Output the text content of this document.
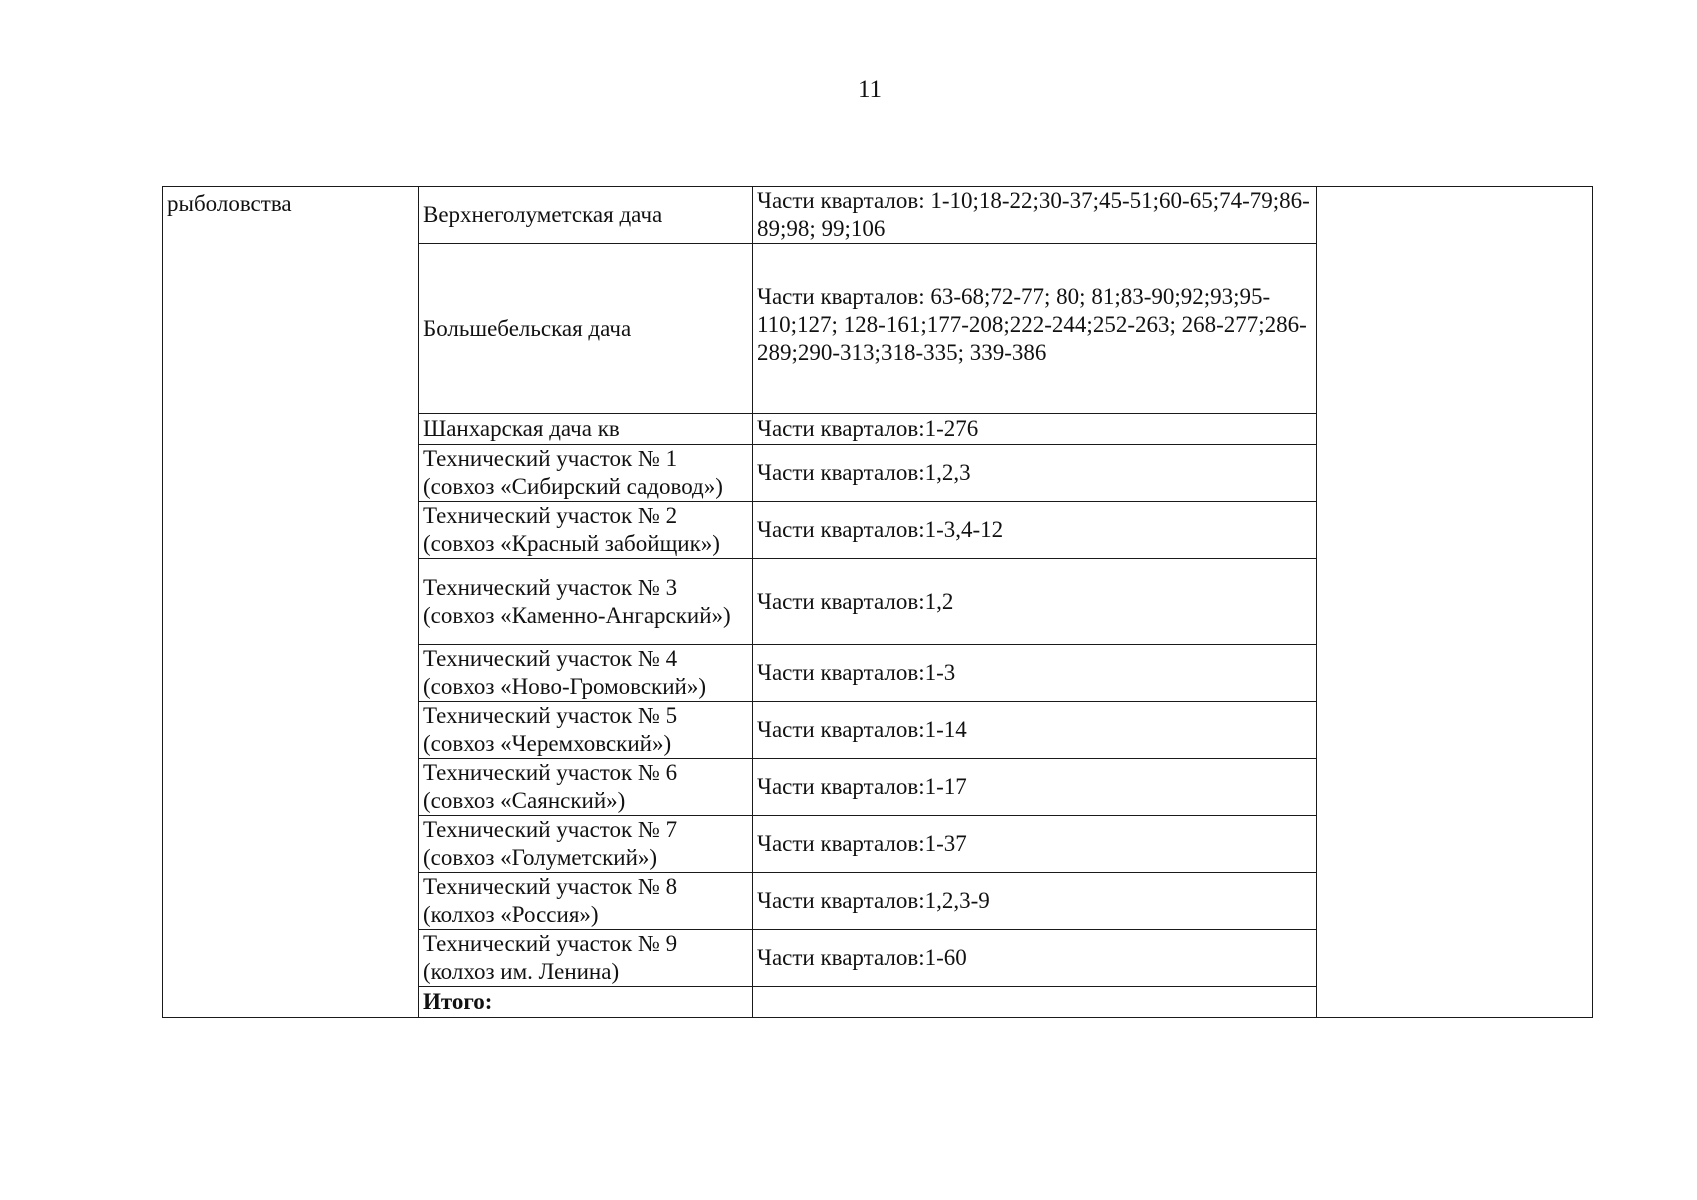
11
рыболовства	Верхнеголуметская дача	Части кварталов: 1-10;18-22;30-37;45-51;60-65;74-79;86-89;98; 99;106	
	Большебельская дача	Части кварталов: 63-68;72-77; 80; 81;83-90;92;93;95-110;127; 128-161;177-208;222-244;252-263; 268-277;286-289;290-313;318-335; 339-386	
	Шанхарская дача кв	Части кварталов:1-276	
	Технический участок № 1 (совхоз «Сибирский садовод»)	Части кварталов:1,2,3	
	Технический участок № 2 (совхоз «Красный забойщик»)	Части кварталов:1-3,4-12	
	Технический участок № 3 (совхоз «Каменно-Ангарский»)	Части кварталов:1,2	
	Технический участок № 4 (совхоз «Ново-Громовский»)	Части кварталов:1-3	
	Технический участок № 5 (совхоз «Черемховский»)	Части кварталов:1-14	
	Технический участок № 6 (совхоз «Саянский»)	Части кварталов:1-17	
	Технический участок № 7 (совхоз «Голуметский»)	Части кварталов:1-37	
	Технический участок № 8 (колхоз «Россия»)	Части кварталов:1,2,3-9	
	Технический участок № 9 (колхоз им. Ленина)	Части кварталов:1-60	
	Итого:		
